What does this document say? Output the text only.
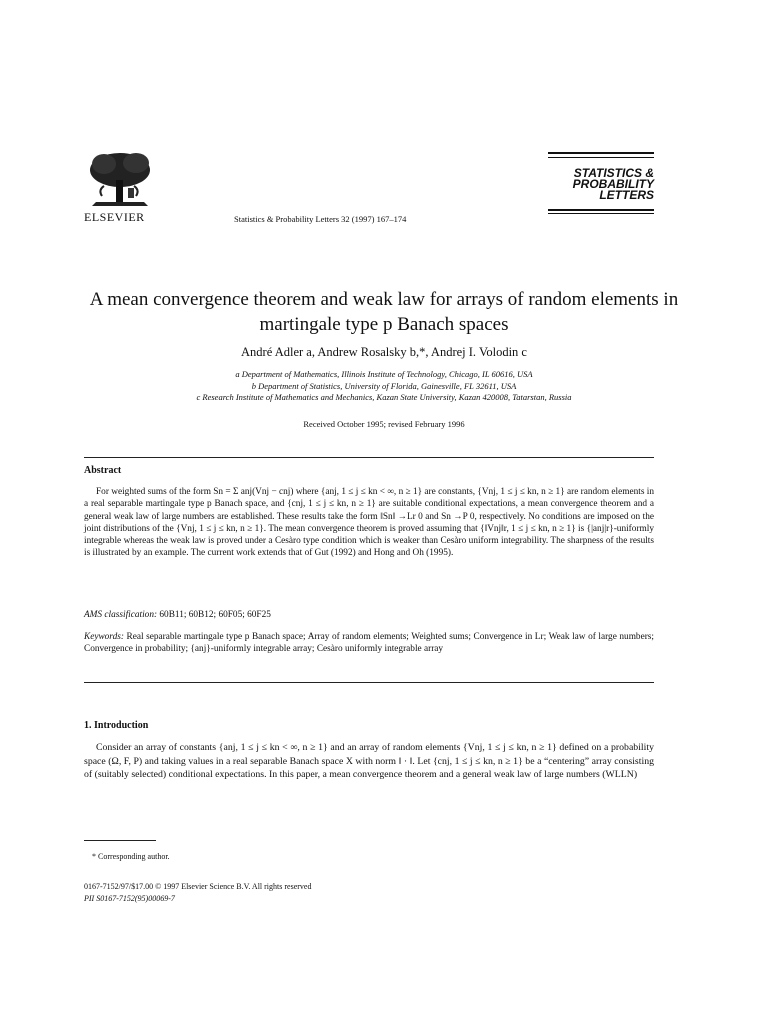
ELSEVIER	Statistics & Probability Letters 32 (1997) 167–174
STATISTICS &
PROBABILITY
LETTERS
A mean convergence theorem and weak law for arrays of random elements in martingale type p Banach spaces
André Adler a, Andrew Rosalsky b,*, Andrej I. Volodin c
a Department of Mathematics, Illinois Institute of Technology, Chicago, IL 60616, USA
b Department of Statistics, University of Florida, Gainesville, FL 32611, USA
c Research Institute of Mathematics and Mechanics, Kazan State University, Kazan 420008, Tatarstan, Russia
Received October 1995; revised February 1996
Abstract
For weighted sums of the form Sn = Σ anj(Vnj − cnj) where {anj, 1 ≤ j ≤ kn < ∞, n ≥ 1} are constants, {Vnj, 1 ≤ j ≤ kn, n ≥ 1} are random elements in a real separable martingale type p Banach space, and {cnj, 1 ≤ j ≤ kn, n ≥ 1} are suitable conditional expectations, a mean convergence theorem and a general weak law of large numbers are established. These results take the form ‖Sn‖ →Lr 0 and Sn →P 0, respectively. No conditions are imposed on the joint distributions of the {Vnj, 1 ≤ j ≤ kn, n ≥ 1}. The mean convergence theorem is proved assuming that {‖Vnj‖r, 1 ≤ j ≤ kn, n ≥ 1} is {|anj|r}-uniformly integrable whereas the weak law is proved under a Cesàro type condition which is weaker than Cesàro uniform integrability. The sharpness of the results is illustrated by an example. The current work extends that of Gut (1992) and Hong and Oh (1995).
AMS classification: 60B11; 60B12; 60F05; 60F25
Keywords: Real separable martingale type p Banach space; Array of random elements; Weighted sums; Convergence in Lr; Weak law of large numbers; Convergence in probability; {anj}-uniformly integrable array; Cesàro uniformly integrable array
1. Introduction
Consider an array of constants {anj, 1 ≤ j ≤ kn < ∞, n ≥ 1} and an array of random elements {Vnj, 1 ≤ j ≤ kn, n ≥ 1} defined on a probability space (Ω, F, P) and taking values in a real separable Banach space X with norm ‖ · ‖. Let {cnj, 1 ≤ j ≤ kn, n ≥ 1} be a “centering” array consisting of (suitably selected) conditional expectations. In this paper, a mean convergence theorem and a general weak law of large numbers (WLLN)
* Corresponding author.
0167-7152/97/$17.00 © 1997 Elsevier Science B.V. All rights reserved
PII S0167-7152(95)00069-7
